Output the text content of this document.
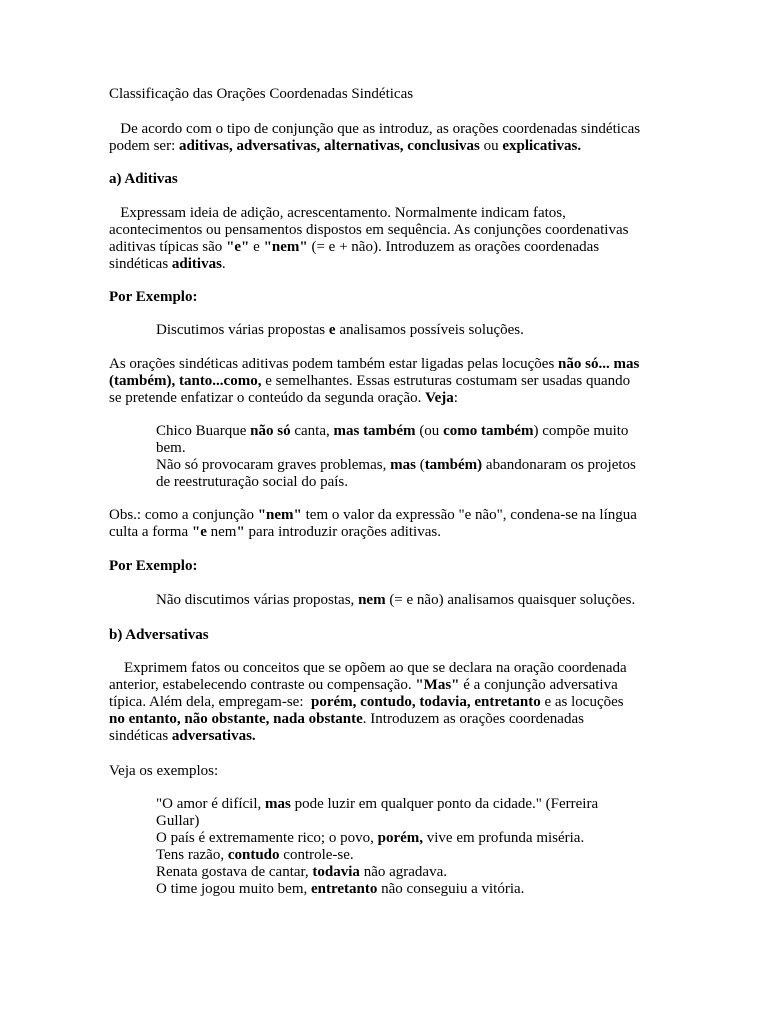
Classificação das Orações Coordenadas Sindéticas
De acordo com o tipo de conjunção que as introduz, as orações coordenadas sindéticas
podem ser: aditivas, adversativas, alternativas, conclusivas ou explicativas.
a) Aditivas
Expressam ideia de adição, acrescentamento. Normalmente indicam fatos,
acontecimentos ou pensamentos dispostos em sequência. As conjunções coordenativas
aditivas típicas são "e" e "nem" (= e + não). Introduzem as orações coordenadas
sindéticas aditivas.
Por Exemplo:
Discutimos várias propostas e analisamos possíveis soluções.
As orações sindéticas aditivas podem também estar ligadas pelas locuções não só... mas
(também), tanto...como, e semelhantes. Essas estruturas costumam ser usadas quando
se pretende enfatizar o conteúdo da segunda oração. Veja:
Chico Buarque não só canta, mas também (ou como também) compõe muito
bem.
Não só provocaram graves problemas, mas (também) abandonaram os projetos
de reestruturação social do país.
Obs.: como a conjunção "nem" tem o valor da expressão "e não", condena-se na língua
culta a forma "e nem" para introduzir orações aditivas.
Por Exemplo:
Não discutimos várias propostas, nem (= e não) analisamos quaisquer soluções.
b) Adversativas
Exprimem fatos ou conceitos que se opõem ao que se declara na oração coordenada
anterior, estabelecendo contraste ou compensação. "Mas" é a conjunção adversativa
típica. Além dela, empregam-se:  porém, contudo, todavia, entretanto e as locuções
no entanto, não obstante, nada obstante. Introduzem as orações coordenadas
sindéticas adversativas.
Veja os exemplos:
"O amor é difícil, mas pode luzir em qualquer ponto da cidade." (Ferreira
Gullar)
O país é extremamente rico; o povo, porém, vive em profunda miséria.
Tens razão, contudo controle-se.
Renata gostava de cantar, todavia não agradava.
O time jogou muito bem, entretanto não conseguiu a vitória.
